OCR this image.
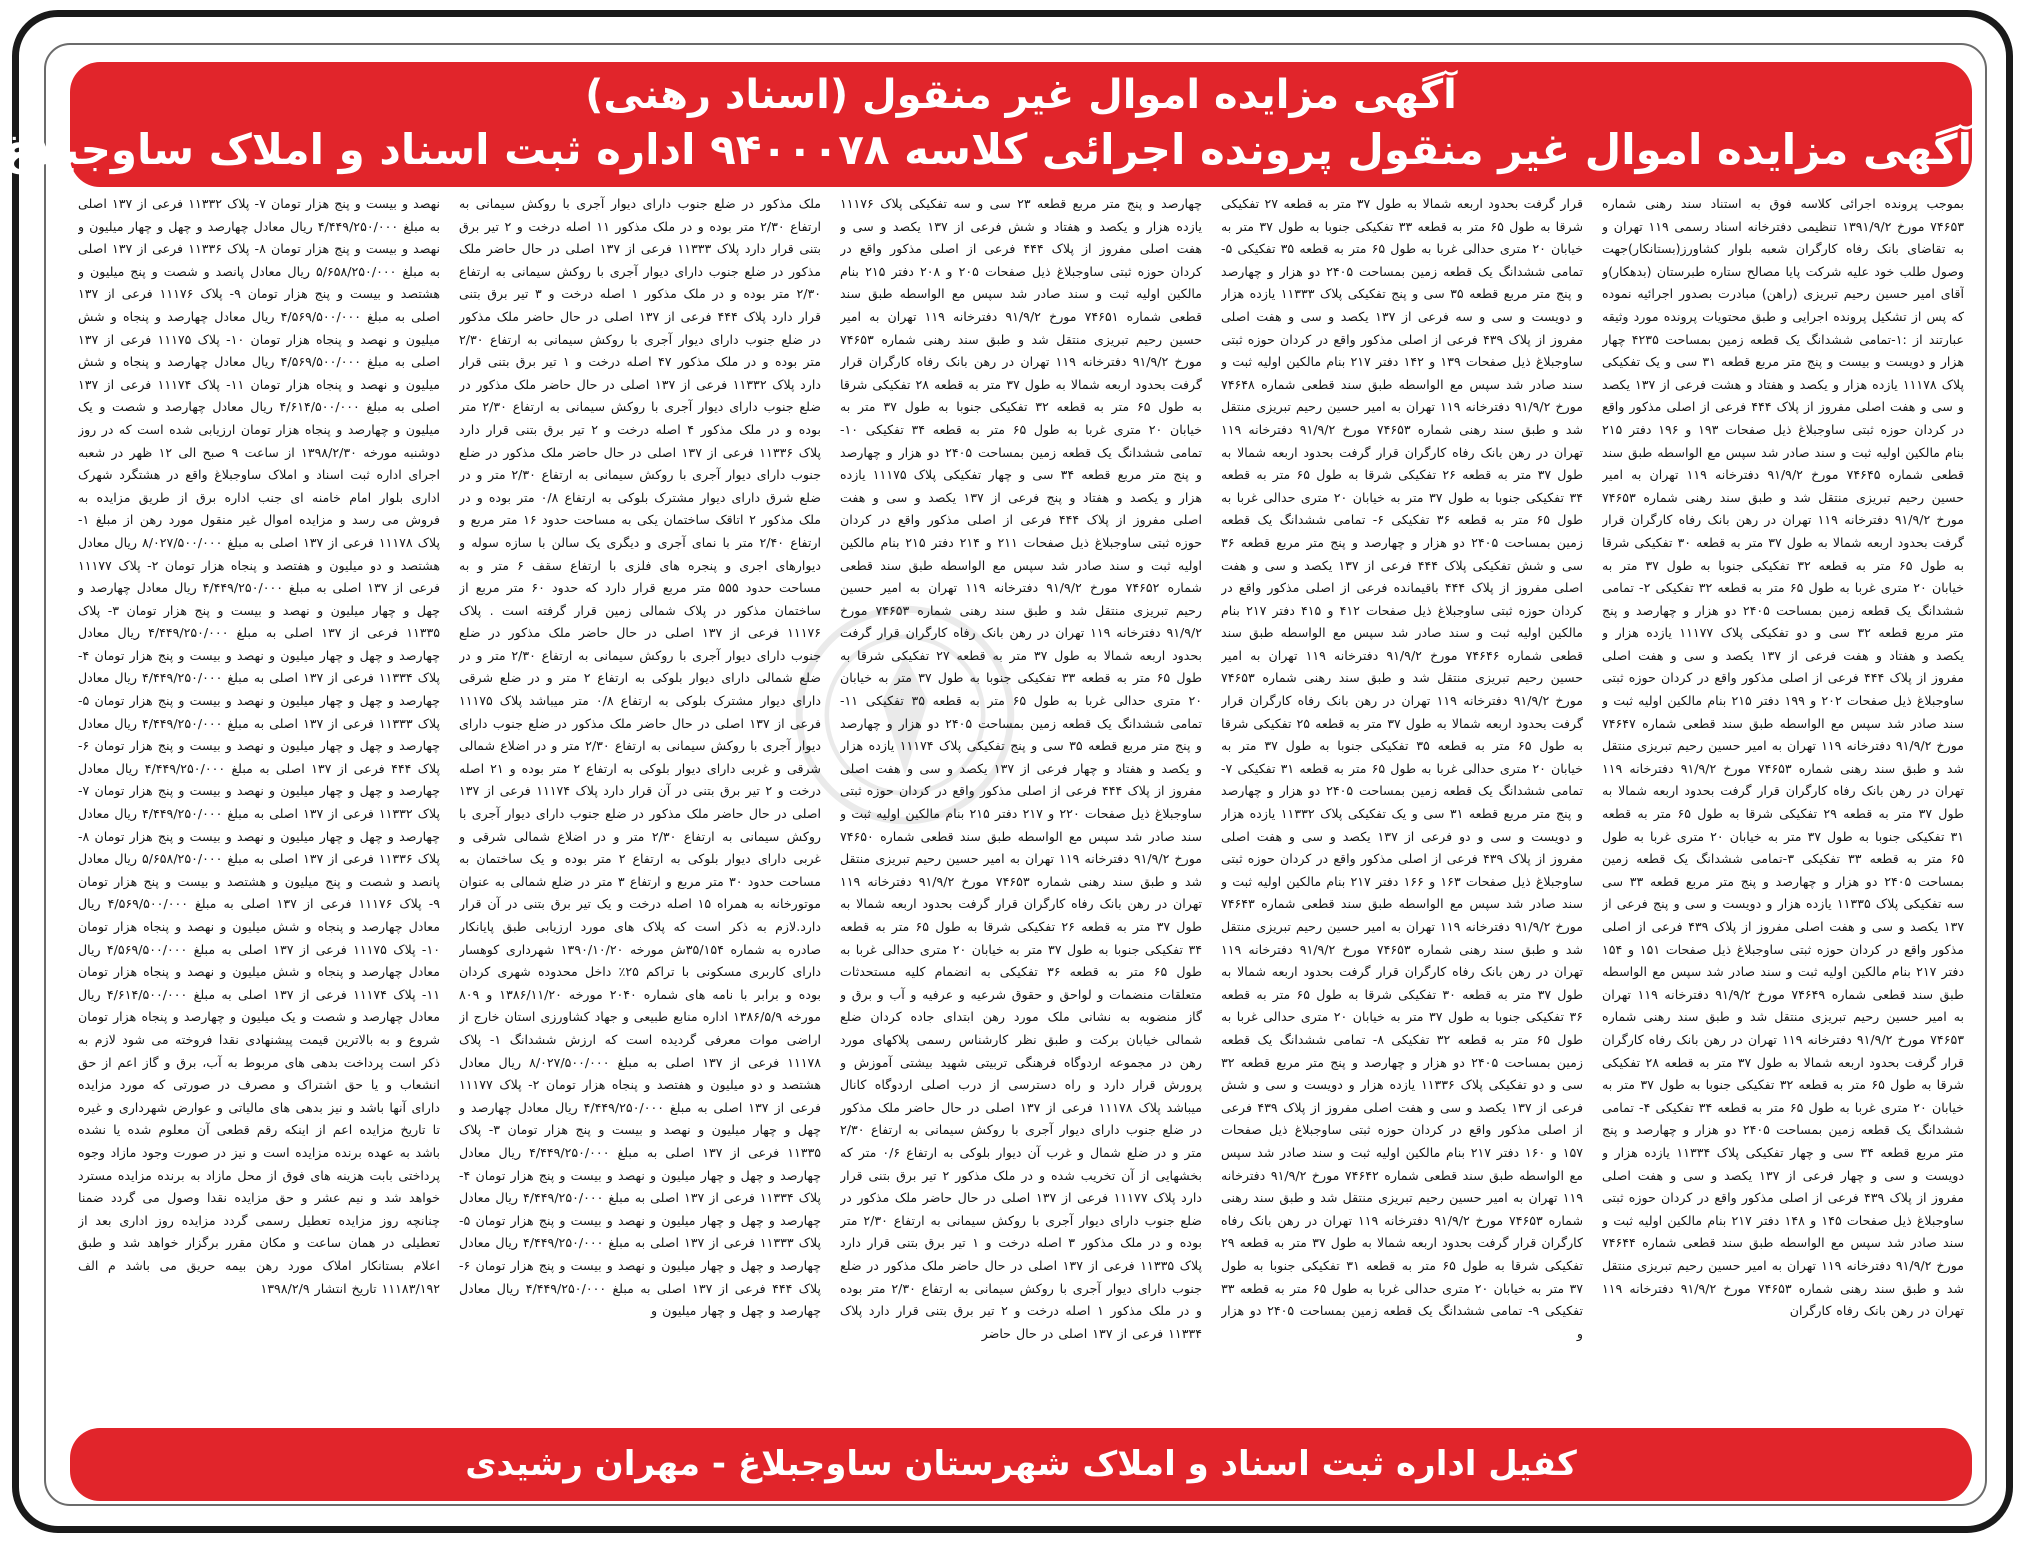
آگهی مزایده اموال غیر منقول (اسناد رهنی)
آگهی مزایده اموال غیر منقول پرونده اجرائی کلاسه ۹۴۰۰۰۷۸ اداره ثبت اسناد و املاک ساوجبلاغ
بموجب پرونده اجرائی کلاسه فوق به استناد سند رهنی شماره ۷۴۶۵۳ مورخ ۱۳۹۱/۹/۲ تنظیمی دفترخانه اسناد رسمی ۱۱۹ تهران و به تقاضای بانک رفاه کارگران شعبه بلوار کشاورز(بستانکار)جهت وصول طلب خود علیه شرکت پایا مصالح ستاره طبرستان (بدهکار)و آقای امیر حسین رحیم تبریزی (راهن) مبادرت بصدور اجرائیه نموده که پس از تشکیل پرونده اجرایی و طبق محتویات پرونده مورد وثیقه عبارتند از :۱-تمامی ششدانگ یک قطعه زمین بمساحت ۴۲۳۵ چهار هزار و دویست و بیست و پنج متر مربع قطعه ۳۱ سی و یک تفکیکی پلاک ۱۱۱۷۸ یازده هزار و یکصد و هفتاد و هشت فرعی از ۱۳۷ یکصد و سی و هفت اصلی مفروز از پلاک ۴۴۴ فرعی از اصلی مذکور واقع در کردان حوزه ثبتی ساوجبلاغ ذیل صفحات ۱۹۳ و ۱۹۶ دفتر ۲۱۵ بنام مالکین اولیه ثبت و سند صادر شد سپس مع الواسطه طبق سند قطعی شماره ۷۴۶۴۵ مورخ ۹۱/۹/۲ دفترخانه ۱۱۹ تهران به امیر حسین رحیم تبریزی منتقل شد و طبق سند رهنی شماره ۷۴۶۵۳ مورخ ۹۱/۹/۲ دفترخانه ۱۱۹ تهران در رهن بانک رفاه کارگران قرار گرفت بحدود اربعه شمالا به طول ۳۷ متر به قطعه ۳۰ تفکیکی شرقا به طول ۶۵ متر به قطعه ۳۲ تفکیکی جنوبا به طول ۳۷ متر به خیابان ۲۰ متری غربا به طول ۶۵ متر به قطعه ۳۲ تفکیکی ۲- تمامی ششدانگ یک قطعه زمین بمساحت ۲۴۰۵ دو هزار و چهارصد و پنج متر مربع قطعه ۳۲ سی و دو تفکیکی پلاک ۱۱۱۷۷ یازده هزار و یکصد و هفتاد و هفت فرعی از ۱۳۷ یکصد و سی و هفت اصلی مفروز از پلاک ۴۴۴ فرعی از اصلی مذکور واقع در کردان حوزه ثبتی ساوجبلاغ ذیل صفحات ۲۰۲ و ۱۹۹ دفتر ۲۱۵ بنام مالکین اولیه ثبت و سند صادر شد سپس مع الواسطه طبق سند قطعی شماره ۷۴۶۴۷ مورخ ۹۱/۹/۲ دفترخانه ۱۱۹ تهران به امیر حسین رحیم تبریزی منتقل شد و طبق سند رهنی شماره ۷۴۶۵۳ مورخ ۹۱/۹/۲ دفترخانه ۱۱۹ تهران در رهن بانک رفاه کارگران قرار گرفت بحدود اربعه شمالا به طول ۳۷ متر به قطعه ۲۹ تفکیکی شرقا به طول ۶۵ متر به قطعه ۳۱ تفکیکی جنوبا به طول ۳۷ متر به خیابان ۲۰ متری غربا به طول ۶۵ متر به قطعه ۳۳ تفکیکی ۳-تمامی ششدانگ یک قطعه زمین بمساحت ۲۴۰۵ دو هزار و چهارصد و پنج متر مربع قطعه ۳۳ سی سه تفکیکی پلاک ۱۱۳۳۵ یازده هزار و دویست و سی و پنج فرعی از ۱۳۷ یکصد و سی و هفت اصلی مفروز از پلاک ۴۳۹ فرعی از اصلی مذکور واقع در کردان حوزه ثبتی ساوجبلاغ ذیل صفحات ۱۵۱ و ۱۵۴ دفتر ۲۱۷ بنام مالکین اولیه ثبت و سند صادر شد سپس مع الواسطه طبق سند قطعی شماره ۷۴۶۴۹ مورخ ۹۱/۹/۲ دفترخانه ۱۱۹ تهران به امیر حسین رحیم تبریزی منتقل شد و طبق سند رهنی شماره ۷۴۶۵۳ مورخ ۹۱/۹/۲ دفترخانه ۱۱۹ تهران در رهن بانک رفاه کارگران قرار گرفت بحدود اربعه شمالا به طول ۳۷ متر به قطعه ۲۸ تفکیکی شرقا به طول ۶۵ متر به قطعه ۳۲ تفکیکی جنوبا به طول ۳۷ متر به خیابان ۲۰ متری غربا به طول ۶۵ متر به قطعه ۳۴ تفکیکی ۴- تمامی ششدانگ یک قطعه زمین بمساحت ۲۴۰۵ دو هزار و چهارصد و پنج متر مربع قطعه ۳۴ سی و چهار تفکیکی پلاک ۱۱۳۳۴ یازده هزار و دویست و سی و چهار فرعی از ۱۳۷ یکصد و سی و هفت اصلی مفروز از پلاک ۴۳۹ فرعی از اصلی مذکور واقع در کردان حوزه ثبتی ساوجبلاغ ذیل صفحات ۱۴۵ و ۱۴۸ دفتر ۲۱۷ بنام مالکین اولیه ثبت و سند صادر شد سپس مع الواسطه طبق سند قطعی شماره ۷۴۶۴۴ مورخ ۹۱/۹/۲ دفترخانه ۱۱۹ تهران به امیر حسین رحیم تبریزی منتقل شد و طبق سند رهنی شماره ۷۴۶۵۳ مورخ ۹۱/۹/۲ دفترخانه ۱۱۹ تهران در رهن بانک رفاه کارگران
قرار گرفت بحدود اربعه شمالا به طول ۳۷ متر به قطعه ۲۷ تفکیکی شرقا به طول ۶۵ متر به قطعه ۳۳ تفکیکی جنوبا به طول ۳۷ متر به خیابان ۲۰ متری حدالی غربا به طول ۶۵ متر به قطعه ۳۵ تفکیکی ۵- تمامی ششدانگ یک قطعه زمین بمساحت ۲۴۰۵ دو هزار و چهارصد و پنج متر مربع قطعه ۳۵ سی و پنج تفکیکی پلاک ۱۱۳۳۳ یازده هزار و دویست و سی و سه فرعی از ۱۳۷ یکصد و سی و هفت اصلی مفروز از پلاک ۴۳۹ فرعی از اصلی مذکور واقع در کردان حوزه ثبتی ساوجبلاغ ذیل صفحات ۱۳۹ و ۱۴۲ دفتر ۲۱۷ بنام مالکین اولیه ثبت و سند صادر شد سپس مع الواسطه طبق سند قطعی شماره ۷۴۶۴۸ مورخ ۹۱/۹/۲ دفترخانه ۱۱۹ تهران به امیر حسین رحیم تبریزی منتقل شد و طبق سند رهنی شماره ۷۴۶۵۳ مورخ ۹۱/۹/۲ دفترخانه ۱۱۹ تهران در رهن بانک رفاه کارگران قرار گرفت بحدود اربعه شمالا به طول ۳۷ متر به قطعه ۲۶ تفکیکی شرقا به طول ۶۵ متر به قطعه ۳۴ تفکیکی جنوبا به طول ۳۷ متر به خیابان ۲۰ متری حدالی غربا به طول ۶۵ متر به قطعه ۳۶ تفکیکی ۶- تمامی ششدانگ یک قطعه زمین بمساحت ۲۴۰۵ دو هزار و چهارصد و پنج متر مربع قطعه ۳۶ سی و شش تفکیکی پلاک ۴۴۴ فرعی از ۱۳۷ یکصد و سی و هفت اصلی مفروز از پلاک ۴۴۴ باقیمانده فرعی از اصلی مذکور واقع در کردان حوزه ثبتی ساوجبلاغ ذیل صفحات ۴۱۲ و ۴۱۵ دفتر ۲۱۷ بنام مالکین اولیه ثبت و سند صادر شد سپس مع الواسطه طبق سند قطعی شماره ۷۴۶۴۶ مورخ ۹۱/۹/۲ دفترخانه ۱۱۹ تهران به امیر حسین رحیم تبریزی منتقل شد و طبق سند رهنی شماره ۷۴۶۵۳ مورخ ۹۱/۹/۲ دفترخانه ۱۱۹ تهران در رهن بانک رفاه کارگران قرار گرفت بحدود اربعه شمالا به طول ۳۷ متر به قطعه ۲۵ تفکیکی شرقا به طول ۶۵ متر به قطعه ۳۵ تفکیکی جنوبا به طول ۳۷ متر به خیابان ۲۰ متری حدالی غربا به طول ۶۵ متر به قطعه ۳۱ تفکیکی ۷- تمامی ششدانگ یک قطعه زمین بمساحت ۲۴۰۵ دو هزار و چهارصد و پنج متر مربع قطعه ۳۱ سی و یک تفکیکی پلاک ۱۱۳۳۲ یازده هزار و دویست و سی و دو فرعی از ۱۳۷ یکصد و سی و هفت اصلی مفروز از پلاک ۴۳۹ فرعی از اصلی مذکور واقع در کردان حوزه ثبتی ساوجبلاغ ذیل صفحات ۱۶۳ و ۱۶۶ دفتر ۲۱۷ بنام مالکین اولیه ثبت و سند صادر شد سپس مع الواسطه طبق سند قطعی شماره ۷۴۶۴۳ مورخ ۹۱/۹/۲ دفترخانه ۱۱۹ تهران به امیر حسین رحیم تبریزی منتقل شد و طبق سند رهنی شماره ۷۴۶۵۳ مورخ ۹۱/۹/۲ دفترخانه ۱۱۹ تهران در رهن بانک رفاه کارگران قرار گرفت بحدود اربعه شمالا به طول ۳۷ متر به قطعه ۳۰ تفکیکی شرقا به طول ۶۵ متر به قطعه ۳۶ تفکیکی جنوبا به طول ۳۷ متر به خیابان ۲۰ متری حدالی غربا به طول ۶۵ متر به قطعه ۳۲ تفکیکی ۸- تمامی ششدانگ یک قطعه زمین بمساحت ۲۴۰۵ دو هزار و چهارصد و پنج متر مربع قطعه ۳۲ سی و دو تفکیکی پلاک ۱۱۳۳۶ یازده هزار و دویست و سی و شش فرعی از ۱۳۷ یکصد و سی و هفت اصلی مفروز از پلاک ۴۳۹ فرعی از اصلی مذکور واقع در کردان حوزه ثبتی ساوجبلاغ ذیل صفحات ۱۵۷ و ۱۶۰ دفتر ۲۱۷ بنام مالکین اولیه ثبت و سند صادر شد سپس مع الواسطه طبق سند قطعی شماره ۷۴۶۴۲ مورخ ۹۱/۹/۲ دفترخانه ۱۱۹ تهران به امیر حسین رحیم تبریزی منتقل شد و طبق سند رهنی شماره ۷۴۶۵۳ مورخ ۹۱/۹/۲ دفترخانه ۱۱۹ تهران در رهن بانک رفاه کارگران قرار گرفت بحدود اربعه شمالا به طول ۳۷ متر به قطعه ۲۹ تفکیکی شرقا به طول ۶۵ متر به قطعه ۳۱ تفکیکی جنوبا به طول ۳۷ متر به خیابان ۲۰ متری حدالی غربا به طول ۶۵ متر به قطعه ۳۳ تفکیکی ۹- تمامی ششدانگ یک قطعه زمین بمساحت ۲۴۰۵ دو هزار و
چهارصد و پنج متر مربع قطعه ۲۳ سی و سه تفکیکی پلاک ۱۱۱۷۶ یازده هزار و یکصد و هفتاد و شش فرعی از ۱۳۷ یکصد و سی و هفت اصلی مفروز از پلاک ۴۴۴ فرعی از اصلی مذکور واقع در کردان حوزه ثبتی ساوجبلاغ ذیل صفحات ۲۰۵ و ۲۰۸ دفتر ۲۱۵ بنام مالکین اولیه ثبت و سند صادر شد سپس مع الواسطه طبق سند قطعی شماره ۷۴۶۵۱ مورخ ۹۱/۹/۲ دفترخانه ۱۱۹ تهران به امیر حسین رحیم تبریزی منتقل شد و طبق سند رهنی شماره ۷۴۶۵۳ مورخ ۹۱/۹/۲ دفترخانه ۱۱۹ تهران در رهن بانک رفاه کارگران قرار گرفت بحدود اربعه شمالا به طول ۳۷ متر به قطعه ۲۸ تفکیکی شرقا به طول ۶۵ متر به قطعه ۳۲ تفکیکی جنوبا به طول ۳۷ متر به خیابان ۲۰ متری غربا به طول ۶۵ متر به قطعه ۳۴ تفکیکی ۱۰- تمامی ششدانگ یک قطعه زمین بمساحت ۲۴۰۵ دو هزار و چهارصد و پنج متر مربع قطعه ۳۴ سی و چهار تفکیکی پلاک ۱۱۱۷۵ یازده هزار و یکصد و هفتاد و پنج فرعی از ۱۳۷ یکصد و سی و هفت اصلی مفروز از پلاک ۴۴۴ فرعی از اصلی مذکور واقع در کردان حوزه ثبتی ساوجبلاغ ذیل صفحات ۲۱۱ و ۲۱۴ دفتر ۲۱۵ بنام مالکین اولیه ثبت و سند صادر شد سپس مع الواسطه طبق سند قطعی شماره ۷۴۶۵۲ مورخ ۹۱/۹/۲ دفترخانه ۱۱۹ تهران به امیر حسین رحیم تبریزی منتقل شد و طبق سند رهنی شماره ۷۴۶۵۳ مورخ ۹۱/۹/۲ دفترخانه ۱۱۹ تهران در رهن بانک رفاه کارگران قرار گرفت بحدود اربعه شمالا به طول ۳۷ متر به قطعه ۲۷ تفکیکی شرقا به طول ۶۵ متر به قطعه ۳۳ تفکیکی جنوبا به طول ۳۷ متر به خیابان ۲۰ متری حدالی غربا به طول ۶۵ متر به قطعه ۳۵ تفکیکی ۱۱- تمامی ششدانگ یک قطعه زمین بمساحت ۲۴۰۵ دو هزار و چهارصد و پنج متر مربع قطعه ۳۵ سی و پنج تفکیکی پلاک ۱۱۱۷۴ یازده هزار و یکصد و هفتاد و چهار فرعی از ۱۳۷ یکصد و سی و هفت اصلی مفروز از پلاک ۴۴۴ فرعی از اصلی مذکور واقع در کردان حوزه ثبتی ساوجبلاغ ذیل صفحات ۲۲۰ و ۲۱۷ دفتر ۲۱۵ بنام مالکین اولیه ثبت و سند صادر شد سپس مع الواسطه طبق سند قطعی شماره ۷۴۶۵۰ مورخ ۹۱/۹/۲ دفترخانه ۱۱۹ تهران به امیر حسین رحیم تبریزی منتقل شد و طبق سند رهنی شماره ۷۴۶۵۳ مورخ ۹۱/۹/۲ دفترخانه ۱۱۹ تهران در رهن بانک رفاه کارگران قرار گرفت بحدود اربعه شمالا به طول ۳۷ متر به قطعه ۲۶ تفکیکی شرقا به طول ۶۵ متر به قطعه ۳۴ تفکیکی جنوبا به طول ۳۷ متر به خیابان ۲۰ متری حدالی غربا به طول ۶۵ متر به قطعه ۳۶ تفکیکی به انضمام کلیه مستحدثات متعلقات منضمات و لواحق و حقوق شرعیه و عرفیه و آب و برق و گاز منضوبه به نشانی ملک مورد رهن ابتدای جاده کردان ضلع شمالی خیابان برکت و طبق نظر کارشناس رسمی پلاکهای مورد رهن در مجموعه اردوگاه فرهنگی تربیتی شهید بیشتی آموزش و پرورش قرار دارد و راه دسترسی از درب اصلی اردوگاه کانال میباشد پلاک ۱۱۱۷۸ فرعی از ۱۳۷ اصلی در حال حاضر ملک مذکور در ضلع جنوب دارای دیوار آجری با روکش سیمانی به ارتفاع ۲/۳۰ متر و در ضلع شمال و غرب آن دیوار بلوکی به ارتفاع ۰/۶ متر که بخشهایی از آن تخریب شده و در ملک مذکور ۲ تیر برق بتنی قرار دارد پلاک ۱۱۱۷۷ فرعی از ۱۳۷ اصلی در حال حاضر ملک مذکور در ضلع جنوب دارای دیوار آجری با روکش سیمانی به ارتفاع ۲/۳۰ متر بوده و در ملک مذکور ۳ اصله درخت و ۱ تیر برق بتنی قرار دارد پلاک ۱۱۳۳۵ فرعی از ۱۳۷ اصلی در حال حاضر ملک مذکور در ضلع جنوب دارای دیوار آجری با روکش سیمانی به ارتفاع ۲/۳۰ متر بوده و در ملک مذکور ۱ اصله درخت و ۲ تیر برق بتنی قرار دارد پلاک ۱۱۳۳۴ فرعی از ۱۳۷ اصلی در حال حاضر
ملک مذکور در ضلع جنوب دارای دیوار آجری با روکش سیمانی به ارتفاع ۲/۳۰ متر بوده و در ملک مذکور ۱۱ اصله درخت و ۲ تیر برق بتنی قرار دارد پلاک ۱۱۳۳۳ فرعی از ۱۳۷ اصلی در حال حاضر ملک مذکور در ضلع جنوب دارای دیوار آجری با روکش سیمانی به ارتفاع ۲/۳۰ متر بوده و در ملک مذکور ۱ اصله درخت و ۳ تیر برق بتنی قرار دارد پلاک ۴۴۴ فرعی از ۱۳۷ اصلی در حال حاضر ملک مذکور در ضلع جنوب دارای دیوار آجری با روکش سیمانی به ارتفاع ۲/۳۰ متر بوده و در ملک مذکور ۴۷ اصله درخت و ۱ تیر برق بتنی قرار دارد پلاک ۱۱۳۳۲ فرعی از ۱۳۷ اصلی در حال حاضر ملک مذکور در ضلع جنوب دارای دیوار آجری با روکش سیمانی به ارتفاع ۲/۳۰ متر بوده و در ملک مذکور ۴ اصله درخت و ۲ تیر برق بتنی قرار دارد پلاک ۱۱۳۳۶ فرعی از ۱۳۷ اصلی در حال حاضر ملک مذکور در ضلع جنوب دارای دیوار آجری با روکش سیمانی به ارتفاع ۲/۳۰ متر و در ضلع شرق دارای دیوار مشترک بلوکی به ارتفاع ۰/۸ متر بوده و در ملک مذکور ۲ اتاقک ساختمان یکی به مساحت حدود ۱۶ متر مربع و ارتفاع ۲/۴۰ متر با نمای آجری و دیگری یک سالن با سازه سوله و دیوارهای اجری و پنجره های فلزی با ارتفاع سقف ۶ متر و به مساحت حدود ۵۵۵ متر مربع قرار دارد که حدود ۶۰ متر مربع از ساختمان مذکور در پلاک شمالی زمین قرار گرفته است . پلاک ۱۱۱۷۶ فرعی از ۱۳۷ اصلی در حال حاضر ملک مذکور در ضلع جنوب دارای دیوار آجری با روکش سیمانی به ارتفاع ۲/۳۰ متر و در ضلع شمالی دارای دیوار بلوکی به ارتفاع ۲ متر و در ضلع شرقی دارای دیوار مشترک بلوکی به ارتفاع ۰/۸ متر میباشد پلاک ۱۱۱۷۵ فرعی از ۱۳۷ اصلی در حال حاضر ملک مذکور در ضلع جنوب دارای دیوار آجری با روکش سیمانی به ارتفاع ۲/۳۰ متر و در اضلاع شمالی شرقی و غربی دارای دیوار بلوکی به ارتفاع ۲ متر بوده و ۲۱ اصله درخت و ۲ تیر برق بتنی در آن قرار دارد پلاک ۱۱۱۷۴ فرعی از ۱۳۷ اصلی در حال حاضر ملک مذکور در ضلع جنوب دارای دیوار آجری با روکش سیمانی به ارتفاع ۲/۳۰ متر و در اضلاع شمالی شرقی و غربی دارای دیوار بلوکی به ارتفاع ۲ متر بوده و یک ساختمان به مساحت حدود ۳۰ متر مربع و ارتفاع ۳ متر در ضلع شمالی به عنوان موتورخانه به همراه ۱۵ اصله درخت و یک تیر برق بتنی در آن قرار دارد.لازم به ذکر است که پلاک های مورد ارزیابی طبق پایانکار صادره به شماره ۳۵/۱۵۴ش مورخه ۱۳۹۰/۱۰/۲۰ شهرداری کوهسار دارای کاربری مسکونی با تراکم ۲۵٪ داخل محدوده شهری کردان بوده و برابر با نامه های شماره ۲۰۴۰ مورخه ۱۳۸۶/۱۱/۲۰ و ۸۰۹ مورخه ۱۳۸۶/۵/۹ اداره منابع طبیعی و جهاد کشاورزی استان خارج از اراضی موات معرفی گردیده است که ارزش ششدانگ ۱- پلاک ۱۱۱۷۸ فرعی از ۱۳۷ اصلی به مبلغ ۸/۰۲۷/۵۰۰/۰۰۰ ریال معادل هشتصد و دو میلیون و هفتصد و پنجاه هزار تومان ۲- پلاک ۱۱۱۷۷ فرعی از ۱۳۷ اصلی به مبلغ ۴/۴۴۹/۲۵۰/۰۰۰ ریال معادل چهارصد و چهل و چهار میلیون و نهصد و بیست و پنج هزار تومان ۳- پلاک ۱۱۳۳۵ فرعی از ۱۳۷ اصلی به مبلغ ۴/۴۴۹/۲۵۰/۰۰۰ ریال معادل چهارصد و چهل و چهار میلیون و نهصد و بیست و پنج هزار تومان ۴- پلاک ۱۱۳۳۴ فرعی از ۱۳۷ اصلی به مبلغ ۴/۴۴۹/۲۵۰/۰۰۰ ریال معادل چهارصد و چهل و چهار میلیون و نهصد و بیست و پنج هزار تومان ۵- پلاک ۱۱۳۳۳ فرعی از ۱۳۷ اصلی به مبلغ ۴/۴۴۹/۲۵۰/۰۰۰ ریال معادل چهارصد و چهل و چهار میلیون و نهصد و بیست و پنج هزار تومان ۶- پلاک ۴۴۴ فرعی از ۱۳۷ اصلی به مبلغ ۴/۴۴۹/۲۵۰/۰۰۰ ریال معادل چهارصد و چهل و چهار میلیون و
نهصد و بیست و پنج هزار تومان ۷- پلاک ۱۱۳۳۲ فرعی از ۱۳۷ اصلی به مبلغ ۴/۴۴۹/۲۵۰/۰۰۰ ریال معادل چهارصد و چهل و چهار میلیون و نهصد و بیست و پنج هزار تومان ۸- پلاک ۱۱۳۳۶ فرعی از ۱۳۷ اصلی به مبلغ ۵/۶۵۸/۲۵۰/۰۰۰ ریال معادل پانصد و شصت و پنج میلیون و هشتصد و بیست و پنج هزار تومان ۹- پلاک ۱۱۱۷۶ فرعی از ۱۳۷ اصلی به مبلغ ۴/۵۶۹/۵۰۰/۰۰۰ ریال معادل چهارصد و پنجاه و شش میلیون و نهصد و پنجاه هزار تومان ۱۰- پلاک ۱۱۱۷۵ فرعی از ۱۳۷ اصلی به مبلغ ۴/۵۶۹/۵۰۰/۰۰۰ ریال معادل چهارصد و پنجاه و شش میلیون و نهصد و پنجاه هزار تومان ۱۱- پلاک ۱۱۱۷۴ فرعی از ۱۳۷ اصلی به مبلغ ۴/۶۱۴/۵۰۰/۰۰۰ ریال معادل چهارصد و شصت و یک میلیون و چهارصد و پنجاه هزار تومان ارزیابی شده است که در روز دوشنبه مورخه ۱۳۹۸/۲/۳۰ از ساعت ۹ صبح الی ۱۲ ظهر در شعبه اجرای اداره ثبت اسناد و املاک ساوجبلاغ واقع در هشتگرد شهرک اداری بلوار امام خامنه ای جنب اداره برق از طریق مزایده به فروش می رسد و مزایده اموال غیر منقول مورد رهن از مبلغ ۱- پلاک ۱۱۱۷۸ فرعی از ۱۳۷ اصلی به مبلغ ۸/۰۲۷/۵۰۰/۰۰۰ ریال معادل هشتصد و دو میلیون و هفتصد و پنجاه هزار تومان ۲- پلاک ۱۱۱۷۷ فرعی از ۱۳۷ اصلی به مبلغ ۴/۴۴۹/۲۵۰/۰۰۰ ریال معادل چهارصد و چهل و چهار میلیون و نهصد و بیست و پنج هزار تومان ۳- پلاک ۱۱۳۳۵ فرعی از ۱۳۷ اصلی به مبلغ ۴/۴۴۹/۲۵۰/۰۰۰ ریال معادل چهارصد و چهل و چهار میلیون و نهصد و بیست و پنج هزار تومان ۴- پلاک ۱۱۳۳۴ فرعی از ۱۳۷ اصلی به مبلغ ۴/۴۴۹/۲۵۰/۰۰۰ ریال معادل چهارصد و چهل و چهار میلیون و نهصد و بیست و پنج هزار تومان ۵- پلاک ۱۱۳۳۳ فرعی از ۱۳۷ اصلی به مبلغ ۴/۴۴۹/۲۵۰/۰۰۰ ریال معادل چهارصد و چهل و چهار میلیون و نهصد و بیست و پنج هزار تومان ۶- پلاک ۴۴۴ فرعی از ۱۳۷ اصلی به مبلغ ۴/۴۴۹/۲۵۰/۰۰۰ ریال معادل چهارصد و چهل و چهار میلیون و نهصد و بیست و پنج هزار تومان ۷- پلاک ۱۱۳۳۲ فرعی از ۱۳۷ اصلی به مبلغ ۴/۴۴۹/۲۵۰/۰۰۰ ریال معادل چهارصد و چهل و چهار میلیون و نهصد و بیست و پنج هزار تومان ۸- پلاک ۱۱۳۳۶ فرعی از ۱۳۷ اصلی به مبلغ ۵/۶۵۸/۲۵۰/۰۰۰ ریال معادل پانصد و شصت و پنج میلیون و هشتصد و بیست و پنج هزار تومان ۹- پلاک ۱۱۱۷۶ فرعی از ۱۳۷ اصلی به مبلغ ۴/۵۶۹/۵۰۰/۰۰۰ ریال معادل چهارصد و پنجاه و شش میلیون و نهصد و پنجاه هزار تومان ۱۰- پلاک ۱۱۱۷۵ فرعی از ۱۳۷ اصلی به مبلغ ۴/۵۶۹/۵۰۰/۰۰۰ ریال معادل چهارصد و پنجاه و شش میلیون و نهصد و پنجاه هزار تومان ۱۱- پلاک ۱۱۱۷۴ فرعی از ۱۳۷ اصلی به مبلغ ۴/۶۱۴/۵۰۰/۰۰۰ ریال معادل چهارصد و شصت و یک میلیون و چهارصد و پنجاه هزار تومان شروع و به بالاترین قیمت پیشنهادی نقدا فروخته می شود لازم به ذکر است پرداخت بدهی های مربوط به آب، برق و گاز اعم از حق انشعاب و یا حق اشتراک و مصرف در صورتی که مورد مزایده دارای آنها باشد و نیز بدهی های مالیاتی و عوارض شهرداری و غیره تا تاریخ مزایده اعم از اینکه رقم قطعی آن معلوم شده یا نشده باشد به عهده برنده مزایده است و نیز در صورت وجود مازاد وجوه پرداختی بابت هزینه های فوق از محل مازاد به برنده مزایده مسترد خواهد شد و نیم عشر و حق مزایده نقدا وصول می گردد ضمنا چنانچه روز مزایده تعطیل رسمی گردد مزایده روز اداری بعد از تعطیلی در همان ساعت و مکان مقرر برگزار خواهد شد و طبق اعلام بستانکار املاک مورد رهن بیمه حریق می باشد م الف ۱۱۱۸۳/۱۹۲ تاریخ انتشار ۱۳۹۸/۲/۹
کفیل اداره ثبت اسناد و املاک شهرستان ساوجبلاغ - مهران رشیدی
